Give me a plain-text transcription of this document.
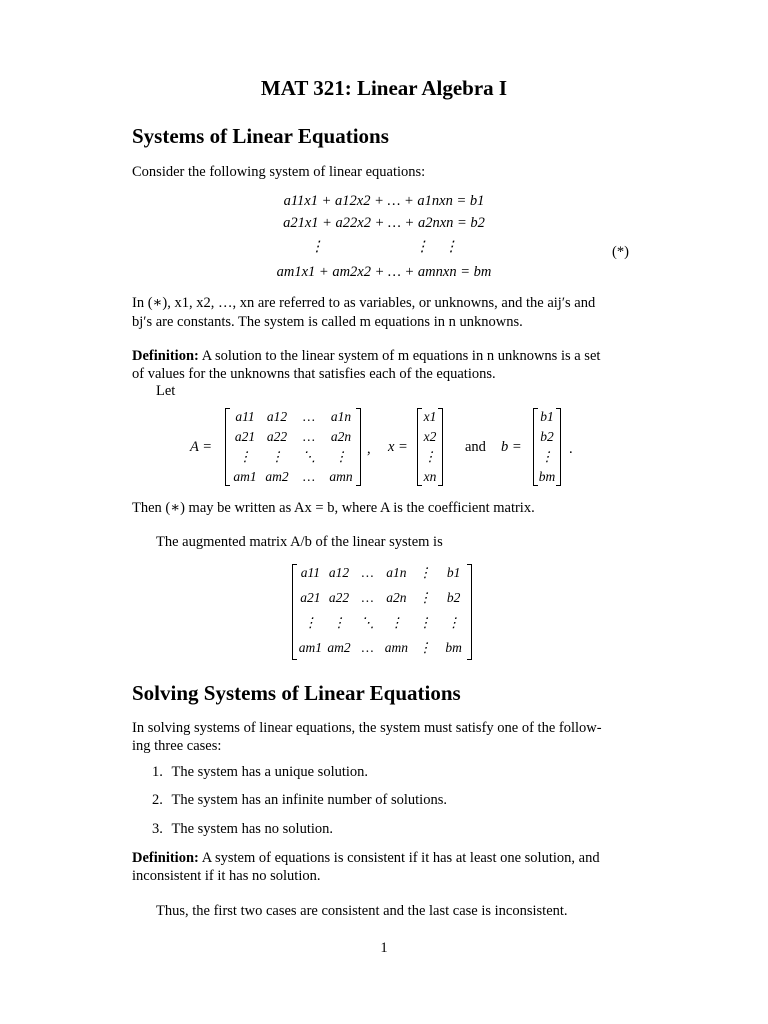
MAT 321: Linear Algebra I
Systems of Linear Equations
Consider the following system of linear equations:
a11x1 + a12x2 + … + a1nxn = b1
a21x1 + a22x2 + … + a2nxn = b2
⋮                         ⋮    ⋮
am1x1 + am2x2 + … + amnxn = bm
(*)
In (∗), x1, x2, …, xn are referred to as variables, or unknowns, and the aij′s and
bj′s are constants. The system is called m equations in n unknowns.
Definition: A solution to the linear system of m equations in n unknowns is a set
of values for the unknowns that satisfies each of the equations.
Let
A =
a11 a12	…	a1n
a21 a22	…	a2n
⋮	⋮	⋱	⋮
am1 am2	…	amn
, x =
x1
x2
⋮
xn
and b =
b1
b2
⋮
bm
.
Then (∗) may be written as Ax = b, where A is the coefficient matrix.
The augmented matrix A/b of the linear system is
a11 a12 … a1n ⋮	b1
a21 a22 … a2n ⋮	b2
⋮	⋮	⋱	⋮	⋮	⋮
am1 am2 … amn ⋮	bm
Solving Systems of Linear Equations
In solving systems of linear equations, the system must satisfy one of the follow-
ing three cases:
1. The system has a unique solution.
2. The system has an infinite number of solutions.
3. The system has no solution.
Definition: A system of equations is consistent if it has at least one solution, and
inconsistent if it has no solution.
Thus, the first two cases are consistent and the last case is inconsistent.
1
